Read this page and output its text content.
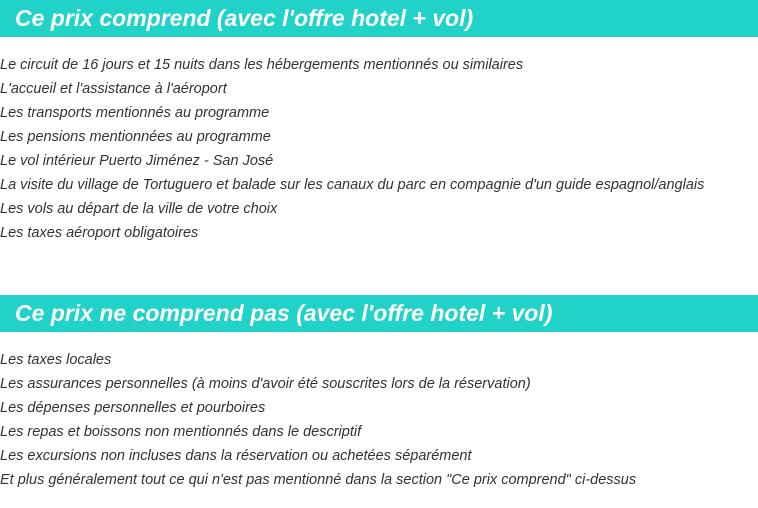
Ce prix comprend (avec l'offre hotel + vol)
Le circuit de 16 jours et 15 nuits dans les hébergements mentionnés ou similaires
L'accueil et l'assistance à l'aéroport
Les transports mentionnés au programme
Les pensions mentionnées au programme
Le vol intérieur Puerto Jiménez - San José
La visite du village de Tortuguero et balade sur les canaux du parc en compagnie d'un guide espagnol/anglais
Les vols au départ de la ville de votre choix
Les taxes aéroport obligatoires
Ce prix ne comprend pas (avec l'offre hotel + vol)
Les taxes locales
Les assurances personnelles (à moins d'avoir été souscrites lors de la réservation)
Les dépenses personnelles et pourboires
Les repas et boissons non mentionnés dans le descriptif
Les excursions non incluses dans la réservation ou achetées séparément
Et plus généralement tout ce qui n'est pas mentionné dans la section "Ce prix comprend" ci-dessus
